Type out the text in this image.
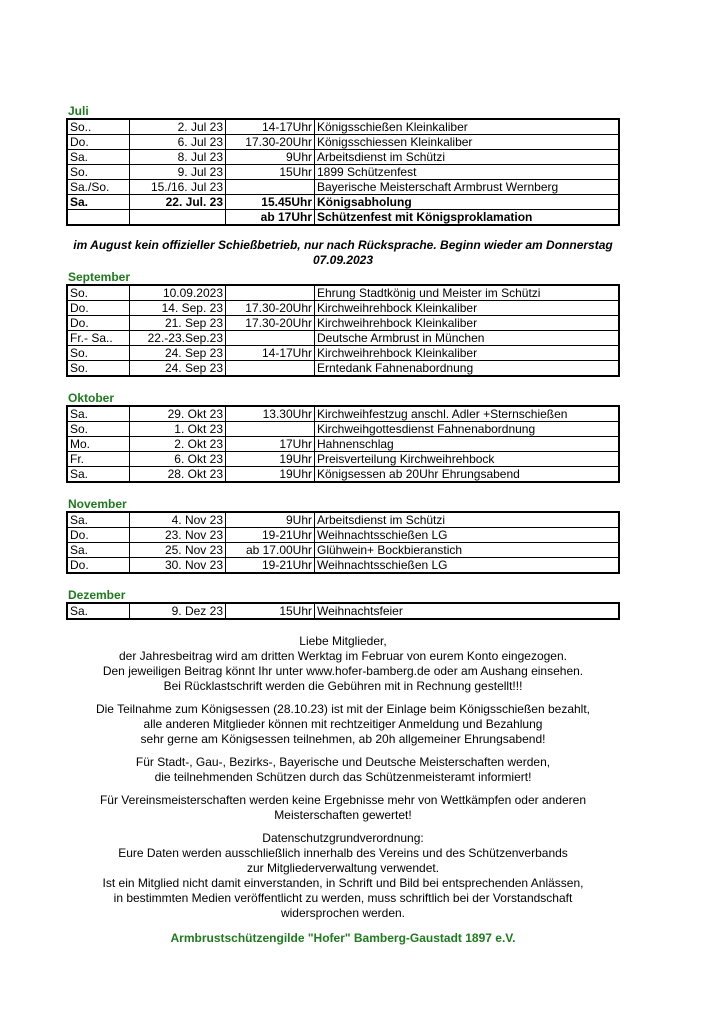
Juli
So..	2. Jul 23	14-17Uhr	Königsschießen Kleinkaliber
Do.	6. Jul 23	17.30-20Uhr	Königsschiessen Kleinkaliber
Sa.	8. Jul 23	9Uhr	Arbeitsdienst im Schützi
So.	9. Jul 23	15Uhr	1899 Schützenfest
Sa./So.	15./16. Jul 23		Bayerische Meisterschaft Armbrust Wernberg
Sa.	22. Jul. 23	15.45Uhr	Königsabholung
		ab 17Uhr	Schützenfest mit Königsproklamation
im August kein offizieller Schießbetrieb, nur nach Rücksprache. Beginn wieder am Donnerstag 07.09.2023
September
So.	10.09.2023		Ehrung Stadtkönig und Meister im Schützi
Do.	14. Sep. 23	17.30-20Uhr	Kirchweihrehbock Kleinkaliber
Do.	21. Sep 23	17.30-20Uhr	Kirchweihrehbock Kleinkaliber
Fr.- Sa..	22.-23.Sep.23		Deutsche Armbrust in München
So.	24. Sep 23	14-17Uhr	Kirchweihrehbock Kleinkaliber
So.	24. Sep 23		Erntedank Fahnenabordnung
Oktober
Sa.	29. Okt 23	13.30Uhr	Kirchweihfestzug anschl. Adler +Sternschießen
So.	1. Okt 23		Kirchweihgottesdienst Fahnenabordnung
Mo.	2. Okt 23	17Uhr	Hahnenschlag
Fr.	6. Okt 23	19Uhr	Preisverteilung Kirchweihrehbock
Sa.	28. Okt 23	19Uhr	Königsessen ab 20Uhr Ehrungsabend
November
Sa.	4. Nov 23	9Uhr	Arbeitsdienst im Schützi
Do.	23. Nov 23	19-21Uhr	Weihnachtsschießen LG
Sa.	25. Nov 23	ab 17.00Uhr	Glühwein+ Bockbieranstich
Do.	30. Nov 23	19-21Uhr	Weihnachtsschießen LG
Dezember
Sa.	9. Dez 23	15Uhr	Weihnachtsfeier
Liebe Mitglieder,
der Jahresbeitrag wird am dritten Werktag im Februar von eurem Konto eingezogen.
Den jeweiligen Beitrag könnt Ihr unter www.hofer-bamberg.de oder am Aushang einsehen.
Bei Rücklastschrift werden die Gebühren mit in Rechnung gestellt!!!
Die Teilnahme zum Königsessen (28.10.23) ist mit der Einlage beim Königsschießen bezahlt,
alle anderen Mitglieder können mit rechtzeitiger Anmeldung und Bezahlung
sehr gerne am Königsessen teilnehmen, ab 20h allgemeiner Ehrungsabend!
Für Stadt-, Gau-, Bezirks-, Bayerische und Deutsche Meisterschaften werden,
die teilnehmenden Schützen durch das Schützenmeisteramt informiert!
Für Vereinsmeisterschaften werden keine Ergebnisse mehr von Wettkämpfen oder anderen
Meisterschaften gewertet!
Datenschutzgrundverordnung:
Eure Daten werden ausschließlich innerhalb des Vereins und des Schützenverbands
zur Mitgliederverwaltung verwendet.
Ist ein Mitglied nicht damit einverstanden, in Schrift und Bild bei entsprechenden Anlässen,
in bestimmten Medien veröffentlicht zu werden, muss schriftlich bei der Vorstandschaft
widersprochen werden.
Armbrustschützengilde "Hofer" Bamberg-Gaustadt 1897 e.V.
